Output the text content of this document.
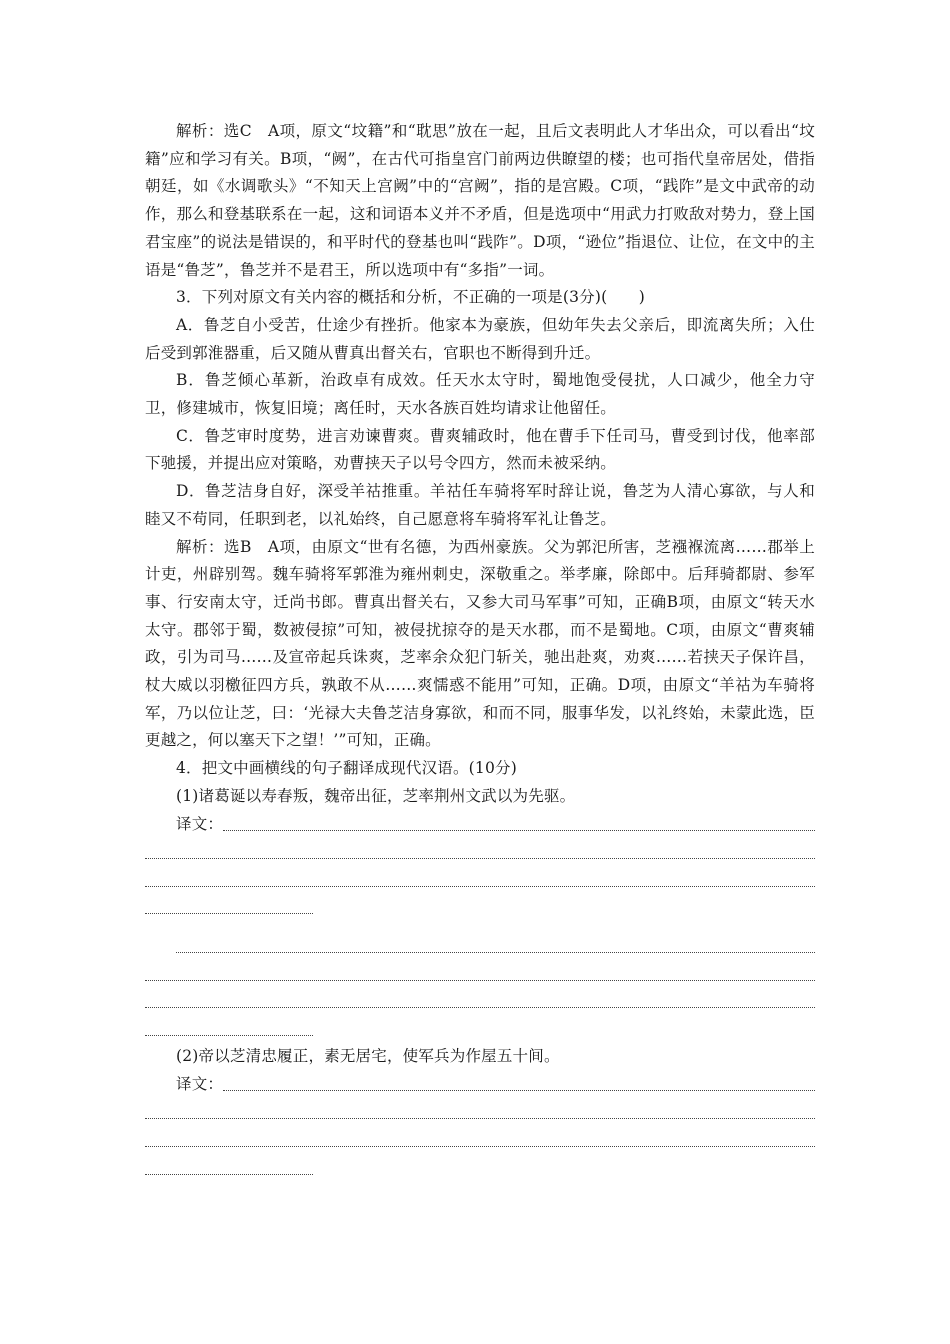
解析：选C　A项，原文“坟籍”和“耽思”放在一起，且后文表明此人才华出众，可以看出“坟籍”应和学习有关。B项，“阙”，在古代可指皇宫门前两边供瞭望的楼；也可指代皇帝居处，借指朝廷，如《水调歌头》“不知天上宫阙”中的“宫阙”，指的是宫殿。C项，“践阼”是文中武帝的动作，那么和登基联系在一起，这和词语本义并不矛盾，但是选项中“用武力打败敌对势力，登上国君宝座”的说法是错误的，和平时代的登基也叫“践阼”。D项，“逊位”指退位、让位，在文中的主语是“鲁芝”，鲁芝并不是君王，所以选项中有“多指”一词。

3．下列对原文有关内容的概括和分析，不正确的一项是(3分)(　　)

A．鲁芝自小受苦，仕途少有挫折。他家本为豪族，但幼年失去父亲后，即流离失所；入仕后受到郭淮器重，后又随从曹真出督关右，官职也不断得到升迁。

B．鲁芝倾心革新，治政卓有成效。任天水太守时，蜀地饱受侵扰，人口减少，他全力守卫，修建城市，恢复旧境；离任时，天水各族百姓均请求让他留任。

C．鲁芝审时度势，进言劝谏曹爽。曹爽辅政时，他在曹手下任司马，曹受到讨伐，他率部下驰援，并提出应对策略，劝曹挟天子以号令四方，然而未被采纳。

D．鲁芝洁身自好，深受羊祜推重。羊祜任车骑将军时辞让说，鲁芝为人清心寡欲，与人和睦又不苟同，任职到老，以礼始终，自己愿意将车骑将军礼让鲁芝。

解析：选B　A项，由原文“世有名德，为西州豪族。父为郭汜所害，芝襁褓流离……郡举上计吏，州辟别驾。魏车骑将军郭淮为雍州刺史，深敬重之。举孝廉，除郎中。后拜骑都尉、参军事、行安南太守，迁尚书郎。曹真出督关右，又参大司马军事”可知，正确B项，由原文“转天水太守。郡邻于蜀，数被侵掠”可知，被侵扰掠夺的是天水郡，而不是蜀地。C项，由原文“曹爽辅政，引为司马……及宣帝起兵诛爽，芝率余众犯门斩关，驰出赴爽，劝爽……若挟天子保许昌，杖大威以羽檄征四方兵，孰敢不从……爽懦惑不能用”可知，正确。D项，由原文“羊祜为车骑将军，乃以位让芝，曰：‘光禄大夫鲁芝洁身寡欲，和而不同，服事华发，以礼终始，未蒙此选，臣更越之，何以塞天下之望！’”可知，正确。

4．把文中画横线的句子翻译成现代汉语。(10分)

(1)诸葛诞以寿春叛，魏帝出征，芝率荆州文武以为先驱。

译文：

(2)帝以芝清忠履正，素无居宅，使军兵为作屋五十间。

译文：
